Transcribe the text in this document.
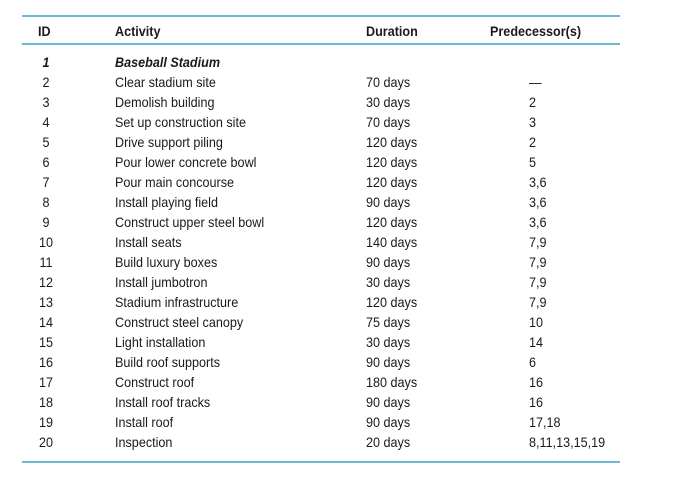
ID	Activity	Duration	Predecessor(s)
1	Baseball Stadium
2	Clear stadium site	70 days	—
3	Demolish building	30 days	2
4	Set up construction site	70 days	3
5	Drive support piling	120 days	2
6	Pour lower concrete bowl	120 days	5
7	Pour main concourse	120 days	3,6
8	Install playing field	90 days	3,6
9	Construct upper steel bowl	120 days	3,6
10	Install seats	140 days	7,9
11	Build luxury boxes	90 days	7,9
12	Install jumbotron	30 days	7,9
13	Stadium infrastructure	120 days	7,9
14	Construct steel canopy	75 days	10
15	Light installation	30 days	14
16	Build roof supports	90 days	6
17	Construct roof	180 days	16
18	Install roof tracks	90 days	16
19	Install roof	90 days	17,18
20	Inspection	20 days	8,11,13,15,19
